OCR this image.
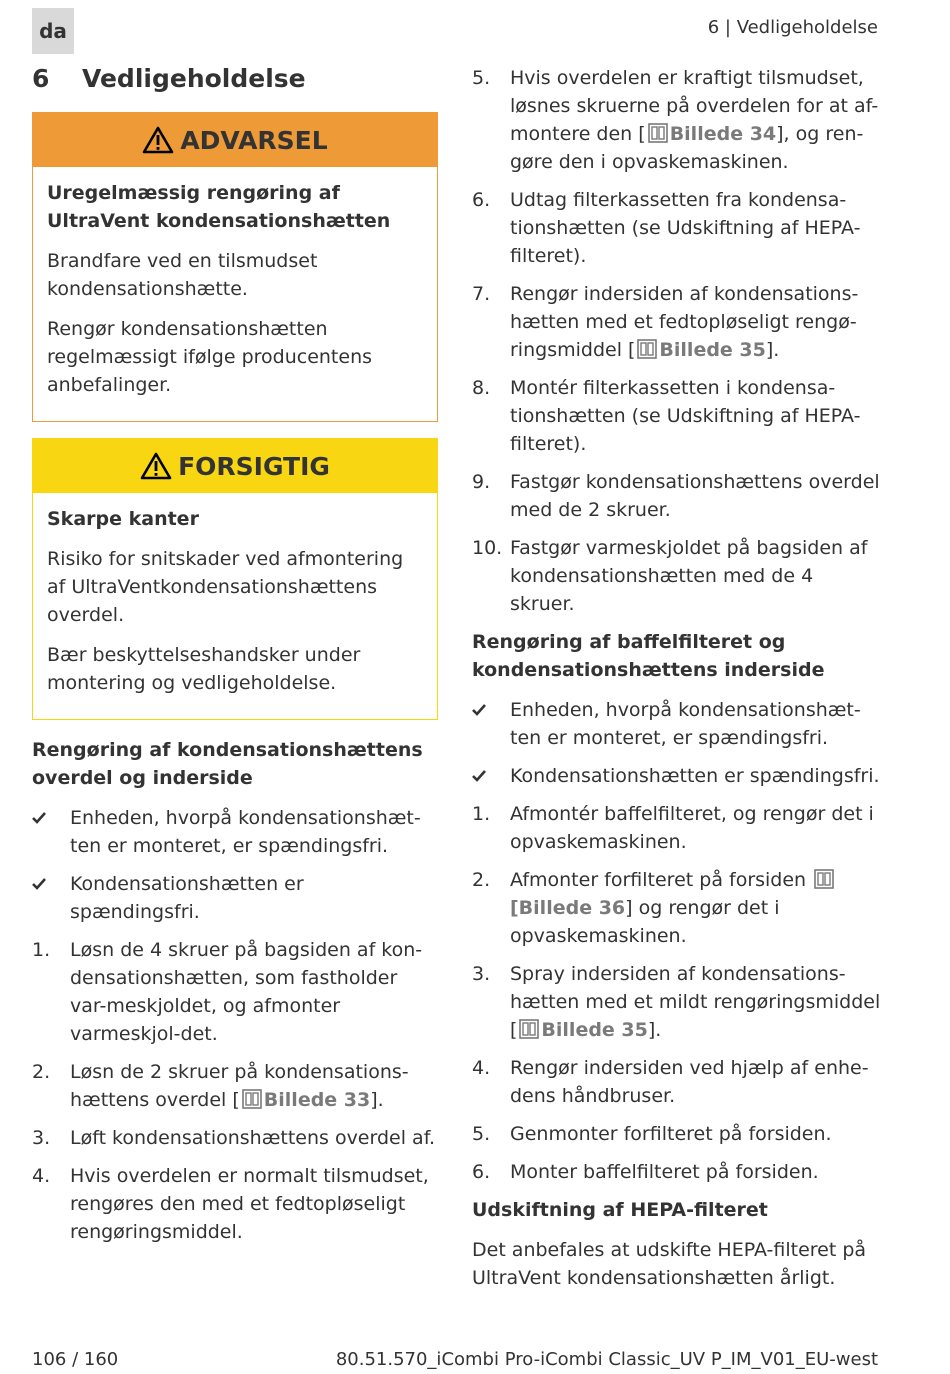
da	6 | Vedligeholdelse
6 Vedligeholdelse
ADVARSEL

Uregelmæssig rengøring af UltraVent kondensationshætten

Brandfare ved en tilsmudset kondensationshætte.

Rengør kondensationshætten regelmæssigt ifølge producentens anbefalinger.

FORSIGTIG

Skarpe kanter

Risiko for snitskader ved afmontering af UltraVentkondensationshættens overdel.

Bær beskyttelseshandsker under montering og vedligeholdelse.

Rengøring af kondensationshættens overdel og inderside
Enheden, hvorpå kondensationshæt-ten er monteret, er spændingsfri.
Kondensationshætten er spændingsfri.
1.	Løsn de 4 skruer på bagsiden af kon-densationshætten, som fastholder var-meskjoldet, og afmonter varmeskjol-det.
2.	Løsn de 2 skruer på kondensations-hættens overdel [ Billede 33].
3.	Løft kondensationshættens overdel af.
4.	Hvis overdelen er normalt tilsmudset, rengøres den med et fedtopløseligt rengøringsmiddel.
5.	Hvis overdelen er kraftigt tilsmudset, løsnes skruerne på overdelen for at af-montere den [ Billede 34], og ren-gøre den i opvaskemaskinen.
6.	Udtag filterkassetten fra kondensa-tionshætten (se Udskiftning af HEPA-filteret).
7.	Rengør indersiden af kondensations-hætten med et fedtopløseligt rengø-ringsmiddel [ Billede 35].
8.	Montér filterkassetten i kondensa-tionshætten (se Udskiftning af HEPA-filteret).
9.	Fastgør kondensationshættens overdel med de 2 skruer.
10. Fastgør varmeskjoldet på bagsiden af kondensationshætten med de 4 skruer.
Rengøring af baffelfilteret og kondensationshættens inderside
Enheden, hvorpå kondensationshæt-ten er monteret, er spændingsfri.
Kondensationshætten er spændingsfri.
1.	Afmontér baffelfilteret, og rengør det i opvaskemaskinen.
2.	Afmonter forfilteret på forsiden [Billede 36] og rengør det i opvaskemaskinen.
3.	Spray indersiden af kondensations-hætten med et mildt rengøringsmiddel [ Billede 35].
4.	Rengør indersiden ved hjælp af enhe-dens håndbruser.
5.	Genmonter forfilteret på forsiden.
6.	Monter baffelfilteret på forsiden.
Udskiftning af HEPA-filteret
Det anbefales at udskifte HEPA-filteret på UltraVent kondensationshætten årligt.
106 / 160	80.51.570_iCombi Pro-iCombi Classic_UV P_IM_V01_EU-west
